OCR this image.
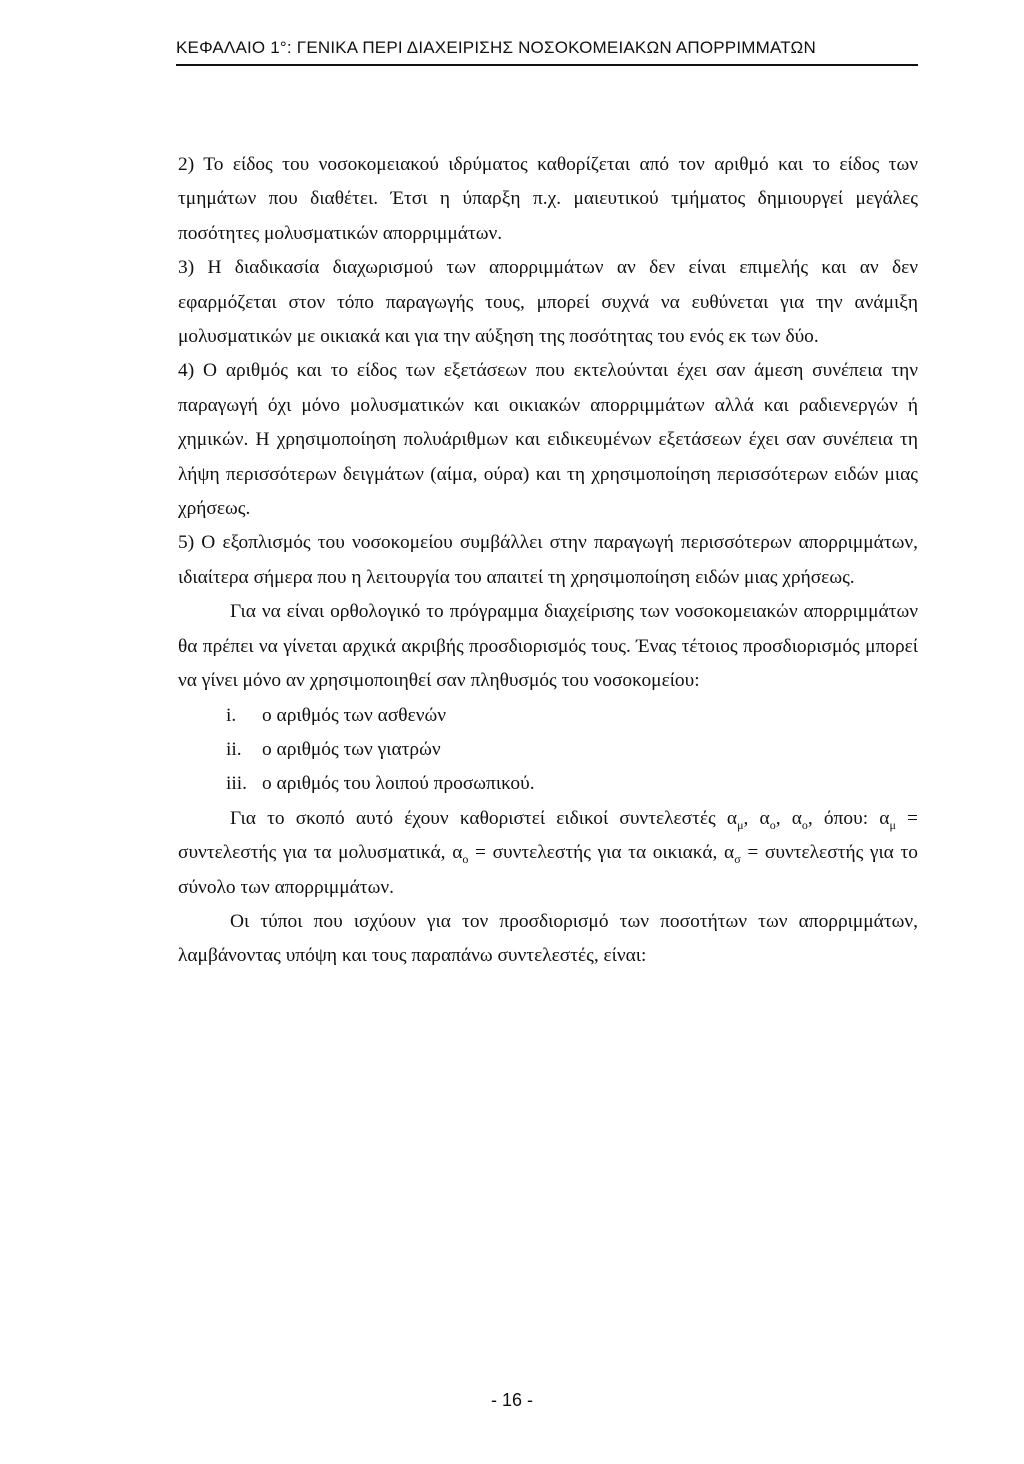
ΚΕΦΑΛΑΙΟ 1°: ΓΕΝΙΚΑ ΠΕΡΙ ΔΙΑΧΕΙΡΙΣΗΣ ΝΟΣΟΚΟΜΕΙΑΚΩΝ ΑΠΟΡΡΙΜΜΑΤΩΝ

2) Το είδος του νοσοκομειακού ιδρύματος καθορίζεται από τον αριθμό και το είδος των τμημάτων που διαθέτει. Έτσι η ύπαρξη π.χ. μαιευτικού τμήματος δημιουργεί μεγάλες ποσότητες μολυσματικών απορριμμάτων.

3) Η διαδικασία διαχωρισμού των απορριμμάτων αν δεν είναι επιμελής και αν δεν εφαρμόζεται στον τόπο παραγωγής τους, μπορεί συχνά να ευθύνεται για την ανάμιξη μολυσματικών με οικιακά και για την αύξηση της ποσότητας του ενός εκ των δύο.

4) Ο αριθμός και το είδος των εξετάσεων που εκτελούνται έχει σαν άμεση συνέπεια την παραγωγή όχι μόνο μολυσματικών και οικιακών απορριμμάτων αλλά και ραδιενεργών ή χημικών. Η χρησιμοποίηση πολυάριθμων και ειδικευμένων εξετάσεων έχει σαν συνέπεια τη λήψη περισσότερων δειγμάτων (αίμα, ούρα) και τη χρησιμοποίηση περισσότερων ειδών μιας χρήσεως.

5) Ο εξοπλισμός του νοσοκομείου συμβάλλει στην παραγωγή περισσότερων απορριμμάτων, ιδιαίτερα σήμερα που η λειτουργία του απαιτεί τη χρησιμοποίηση ειδών μιας χρήσεως.

Για να είναι ορθολογικό το πρόγραμμα διαχείρισης των νοσοκομειακών απορριμμάτων θα πρέπει να γίνεται αρχικά ακριβής προσδιορισμός τους. Ένας τέτοιος προσδιορισμός μπορεί να γίνει μόνο αν χρησιμοποιηθεί σαν πληθυσμός του νοσοκομείου:

i. ο αριθμός των ασθενών
ii. ο αριθμός των γιατρών
iii. ο αριθμός του λοιπού προσωπικού.

Για το σκοπό αυτό έχουν καθοριστεί ειδικοί συντελεστές $\alpha_\mu$, $\alpha_o$, $\alpha_o$, όπου: $\alpha_\mu = \sigma\upsilon\nu\tau\varepsilon\lambda\varepsilon\sigma\tau ή\varsigma$ για τα μολυσματικά, $\alpha_o = \sigma\upsilon\nu\tau\varepsilon\lambda\varepsilon\sigma\tau ή\varsigma$ για τα οικιακά, $\alpha_\sigma = \sigma\upsilon\nu\tau\varepsilon\lambda\varepsilon\sigma\tau ή\varsigma$ για το σύνολο των απορριμμάτων.

Οι τύποι που ισχύουν για τον προσδιορισμό των ποσοτήτων των απορριμμάτων, λαμβάνοντας υπόψη και τους παραπάνω συντελεστές, είναι:

- 16 -
